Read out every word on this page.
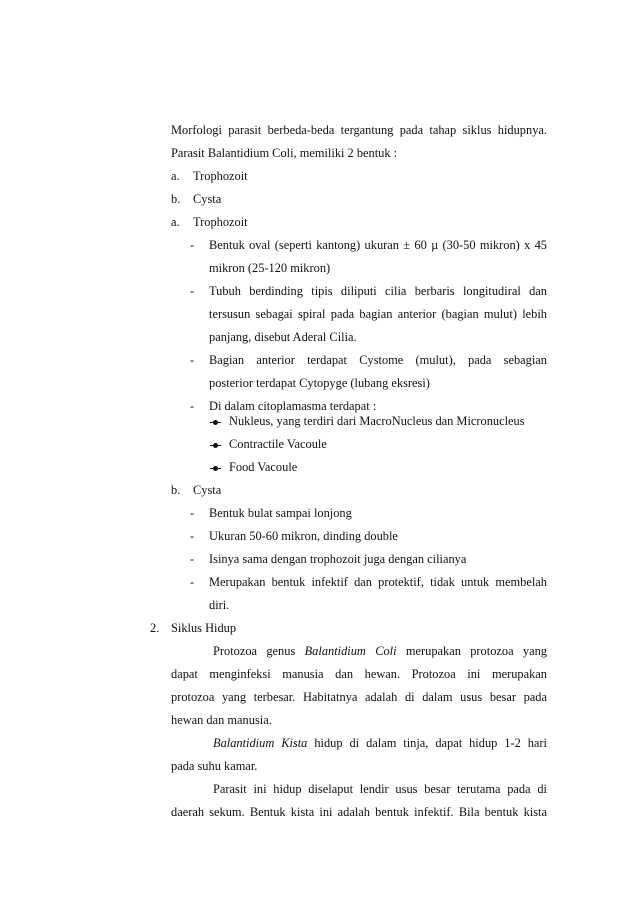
Morfologi parasit berbeda-beda tergantung pada tahap siklus hidupnya.
Parasit Balantidium Coli, memiliki 2 bentuk :
a. Trophozoit
b. Cysta
a. Trophozoit
- Bentuk oval (seperti kantong) ukuran ± 60 µ (30-50 mikron) x 45
mikron (25-120 mikron)
- Tubuh berdinding tipis diliputi cilia berbaris longitudiral dan
tersusun sebagai spiral pada bagian anterior (bagian mulut) lebih
panjang, disebut Aderal Cilia.
- Bagian anterior terdapat Cystome (mulut), pada sebagian
posterior terdapat Cytopyge (lubang eksresi)
- Di dalam citoplamasma terdapat :
Nukleus, yang terdiri dari MacroNucleus dan Micronucleus
Contractile Vacoule
Food Vacoule
b. Cysta
- Bentuk bulat sampai lonjong
- Ukuran 50-60 mikron, dinding double
- Isinya sama dengan trophozoit juga dengan cilianya
- Merupakan bentuk infektif dan protektif, tidak untuk membelah
diri.
2. Siklus Hidup
Protozoa genus Balantidium Coli merupakan protozoa yang
dapat menginfeksi manusia dan hewan. Protozoa ini merupakan
protozoa yang terbesar. Habitatnya adalah di dalam usus besar pada
hewan dan manusia.
Balantidium Kista hidup di dalam tinja, dapat hidup 1-2 hari
pada suhu kamar.
Parasit ini hidup diselaput lendir usus besar terutama pada di
daerah sekum. Bentuk kista ini adalah bentuk infektif. Bila bentuk kista
